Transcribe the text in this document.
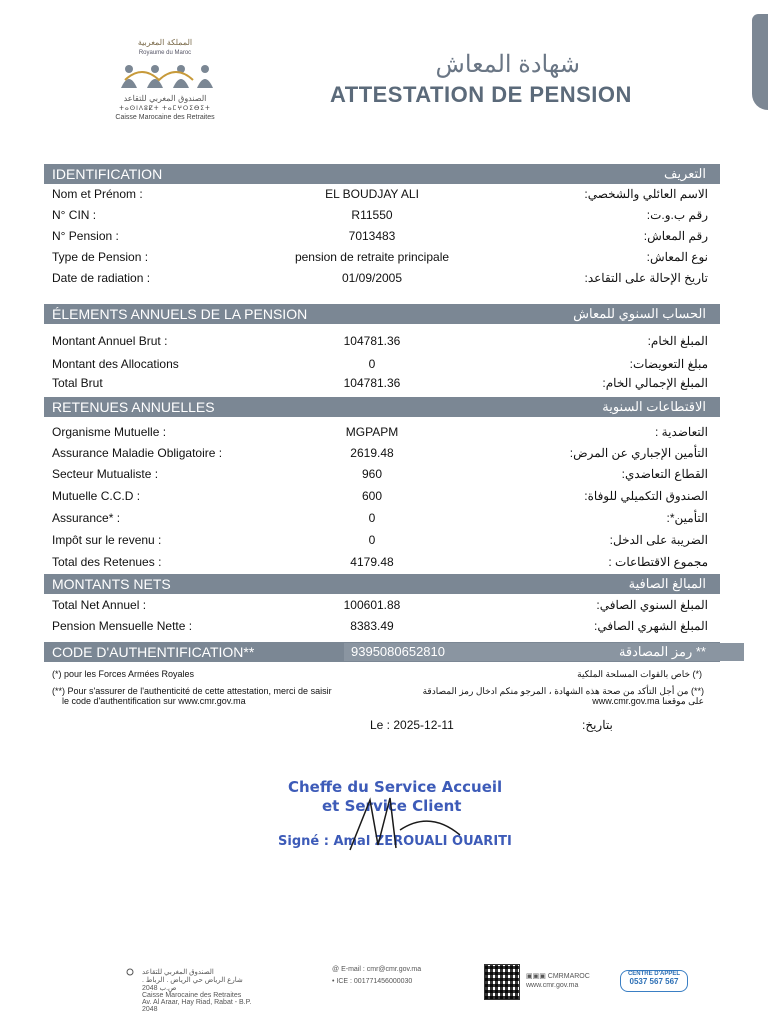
المملكة المغربية
Royaume du Maroc
الصندوق المغربي للتقاعد
ⵜⴰⵙⵏⴷⵓⵇⵜ ⵜⴰⵎⵖⵔⵉⴱⵉⵜ
Caisse Marocaine des Retraites
شهادة المعاش
ATTESTATION DE PENSION
IDENTIFICATION	التعريف
Nom et Prénom :	EL BOUDJAY ALI	الاسم العائلي والشخصي:
N° CIN :	R11550	رقم ب.و.ت:
N° Pension :	7013483	رقم المعاش:
Type de Pension :	pension de retraite principale	نوع المعاش:
Date de radiation :	01/09/2005	تاريخ الإحالة على التقاعد:
ÉLEMENTS ANNUELS DE LA PENSION	الحساب السنوي للمعاش
Montant Annuel Brut :	104781.36	المبلغ الخام:
Montant des Allocations	0	مبلغ التعويضات:
Total Brut	104781.36	المبلغ الإجمالي الخام:
RETENUES ANNUELLES	الاقتطاعات السنوية
Organisme Mutuelle :	MGPAPM	التعاضدية :
Assurance Maladie Obligatoire :	2619.48	التأمين الإجباري عن المرض:
Secteur Mutualiste :	960	القطاع التعاضدي:
Mutuelle C.C.D :	600	الصندوق التكميلي للوفاة:
Assurance* :	0	التأمين*:
Impôt sur le revenu :	0	الضريبة على الدخل:
Total des Retenues :	4179.48	مجموع الاقتطاعات :
MONTANTS NETS	المبالغ الصافية
Total Net Annuel :	100601.88	المبلغ السنوي الصافي:
Pension Mensuelle Nette :	8383.49	المبلغ الشهري الصافي:
CODE D'AUTHENTIFICATION**	9395080652810	رمز المصادقة **
(*) pour les Forces Armées Royales	(*) خاص بالقوات المسلحة الملكية
(**) Pour s'assurer de l'authenticité de cette attestation, merci de saisir
le code d'authentification sur www.cmr.gov.ma
(**) من أجل التأكد من صحة هذه الشهادة ، المرجو منكم ادخال رمز المصادقة
على موقعنا www.cmr.gov.ma
Le : 2025-12-11	بتاريخ:
Cheffe du Service Accueil
et Service Client
Signé : Amal ZEROUALI OUARITI
الصندوق المغربي للتقاعد
شارع الرياض حي الرياض . الرباط . ص.ب 2048
Caisse Marocaine des Retraites
Av. Al Araar, Hay Riad, Rabat - B.P. 2048
@ E-mail : cmr@cmr.gov.ma
• ICE : 001771456000030
▣▣▣ CMRMAROC
www.cmr.gov.ma
CENTRE D'APPEL
0537 567 567
